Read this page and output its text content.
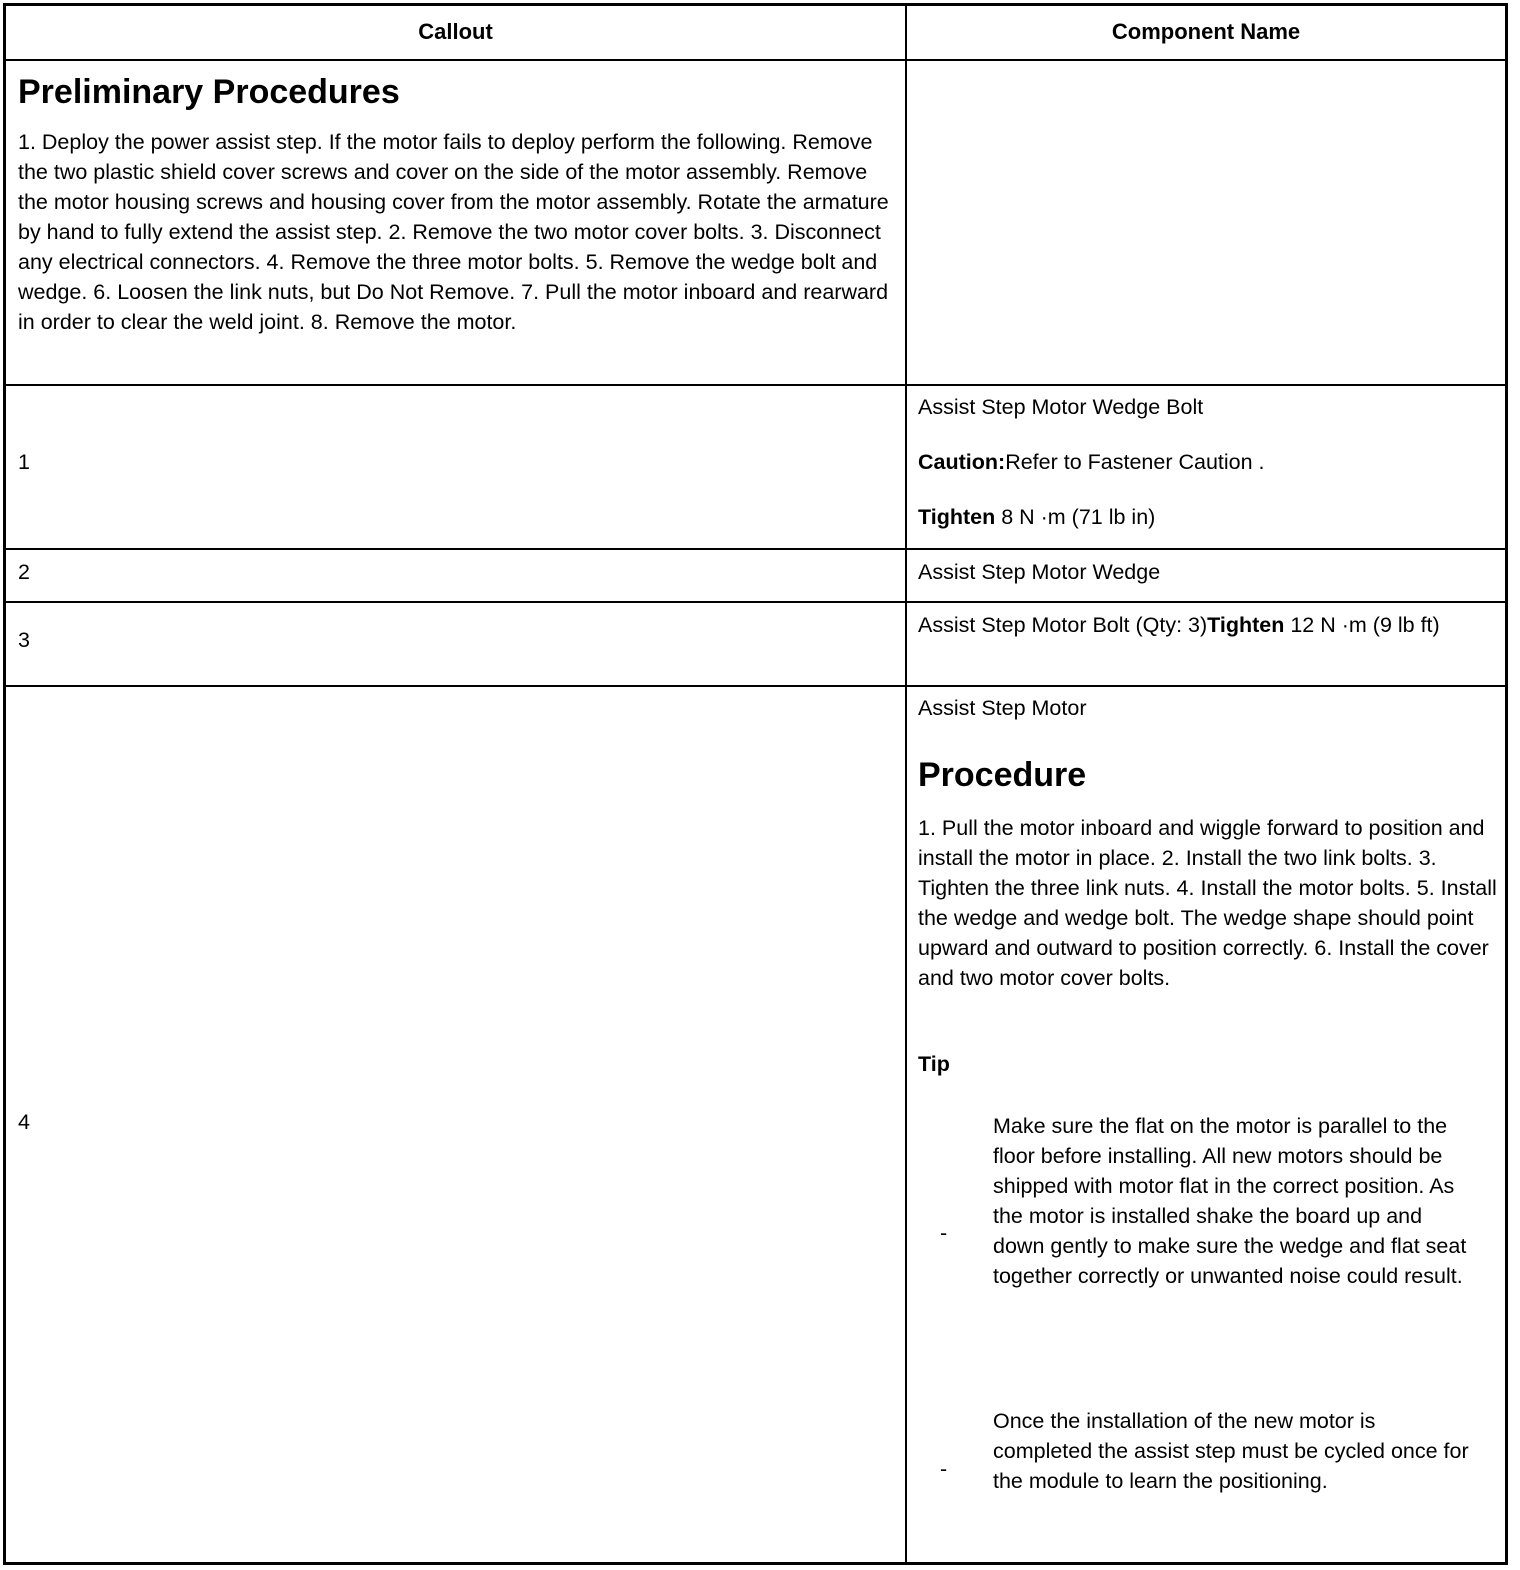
Callout	Component Name
Preliminary Procedures
1. Deploy the power assist step. If the motor fails to deploy perform the following. Remove the two plastic shield cover screws and cover on the side of the motor assembly. Remove the motor housing screws and housing cover from the motor assembly. Rotate the armature by hand to fully extend the assist step. 2. Remove the two motor cover bolts. 3. Disconnect any electrical connectors. 4. Remove the three motor bolts. 5. Remove the wedge bolt and wedge. 6. Loosen the link nuts, but Do Not Remove. 7. Pull the motor inboard and rearward in order to clear the weld joint. 8. Remove the motor.
1
Assist Step Motor Wedge Bolt
Caution:Refer to Fastener Caution .
Tighten 8 N ·m (71 lb in)
2	Assist Step Motor Wedge
3
Assist Step Motor Bolt (Qty: 3)Tighten 12 N ·m (9 lb ft)
4
Assist Step Motor
Procedure
1. Pull the motor inboard and wiggle forward to position and install the motor in place. 2. Install the two link bolts. 3. Tighten the three link nuts. 4. Install the motor bolts. 5. Install the wedge and wedge bolt. The wedge shape should point upward and outward to position correctly. 6. Install the cover and two motor cover bolts.
Tip
-
Make sure the flat on the motor is parallel to the floor before installing. All new motors should be shipped with motor flat in the correct position. As the motor is installed shake the board up and down gently to make sure the wedge and flat seat together correctly or unwanted noise could result.
-
Once the installation of the new motor is completed the assist step must be cycled once for the module to learn the positioning.
